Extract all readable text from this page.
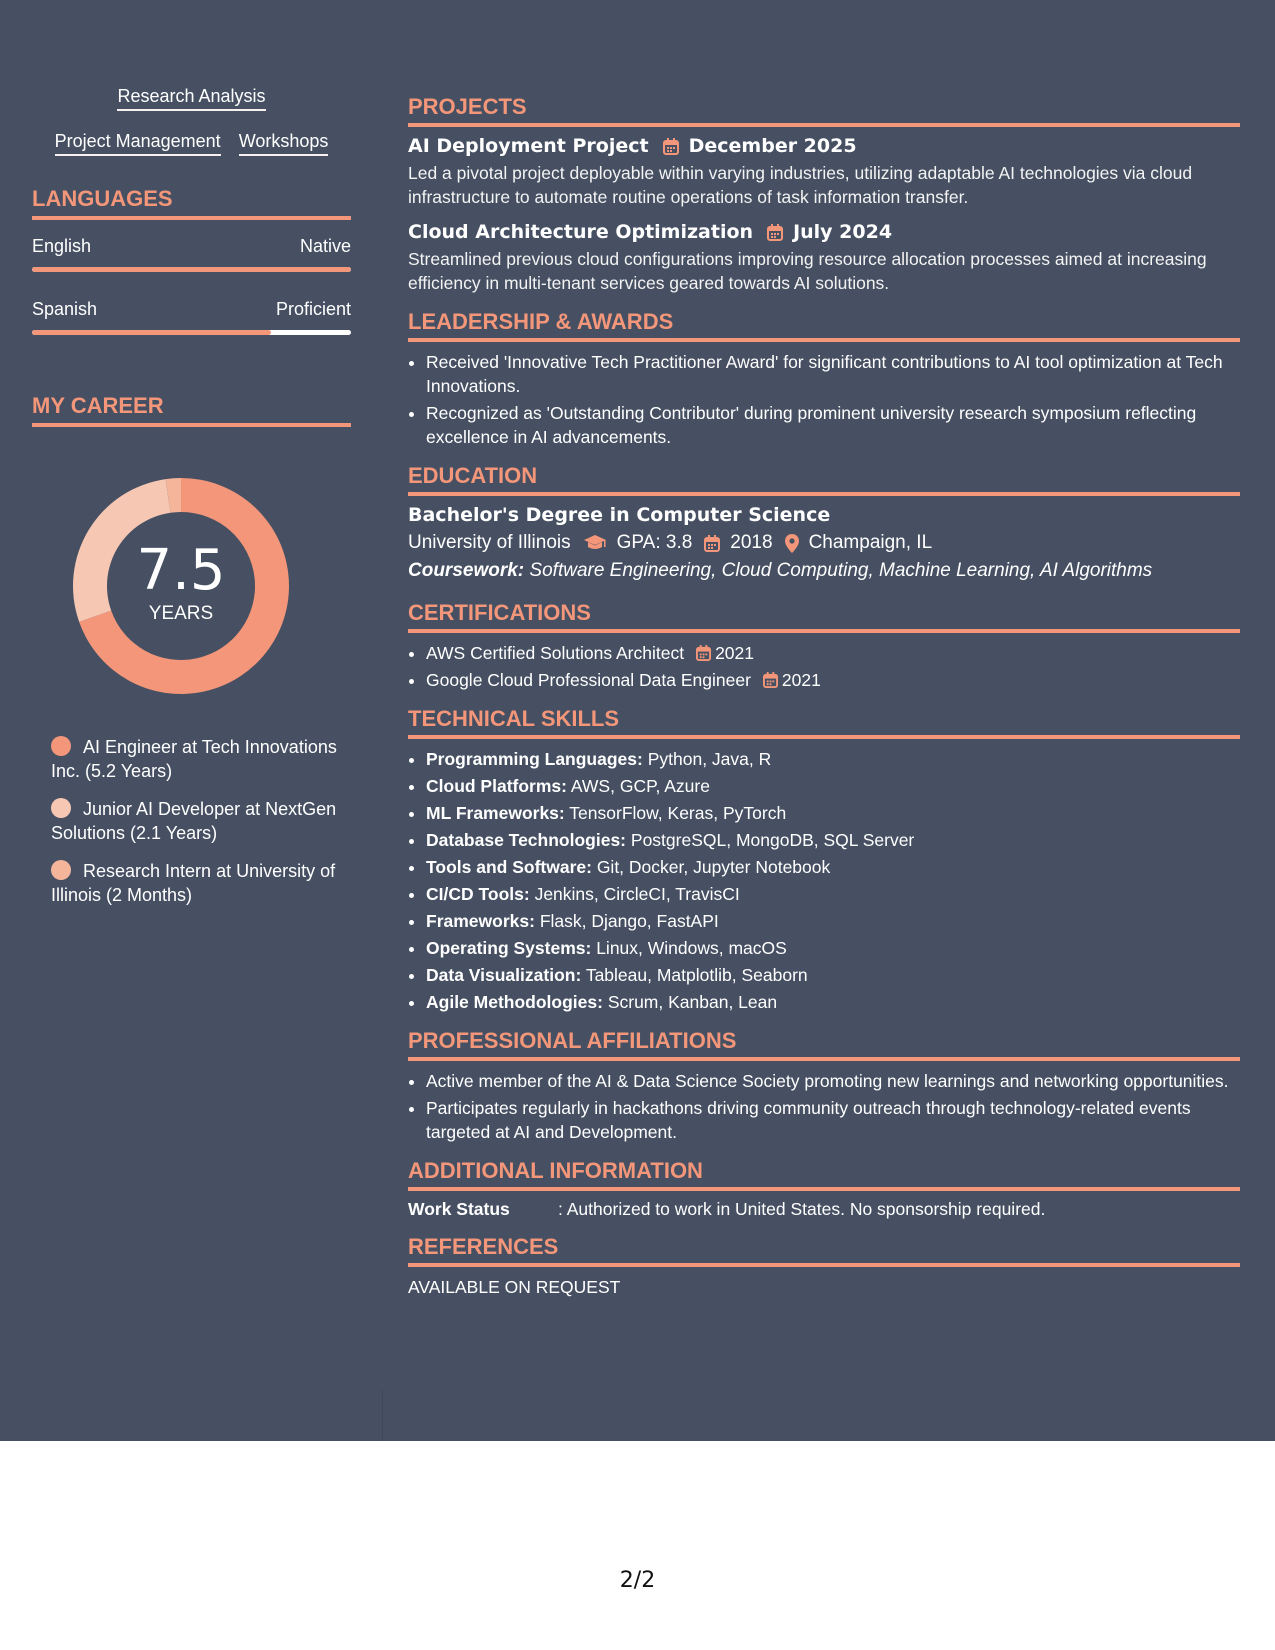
Research Analysis
Project Management Workshops
LANGUAGES
English	Native
Spanish	Proficient
MY CAREER
7.5
YEARS
AI Engineer at Tech Innovations Inc. (5.2 Years)
Junior AI Developer at NextGen Solutions (2.1 Years)
Research Intern at University of Illinois (2 Months)
PROJECTS
AI Deployment Project December 2025
Led a pivotal project deployable within varying industries, utilizing adaptable AI technologies via cloud infrastructure to automate routine operations of task information transfer.
Cloud Architecture Optimization July 2024
Streamlined previous cloud configurations improving resource allocation processes aimed at increasing efficiency in multi-tenant services geared towards AI solutions.
LEADERSHIP & AWARDS
• Received 'Innovative Tech Practitioner Award' for significant contributions to AI tool optimization at Tech Innovations.
• Recognized as 'Outstanding Contributor' during prominent university research symposium reflecting excellence in AI advancements.
EDUCATION
Bachelor's Degree in Computer Science
University of Illinois GPA: 3.8 2018 Champaign, IL
Coursework: Software Engineering, Cloud Computing, Machine Learning, AI Algorithms
CERTIFICATIONS
• AWS Certified Solutions Architect 2021
• Google Cloud Professional Data Engineer 2021
TECHNICAL SKILLS
• Programming Languages: Python, Java, R
• Cloud Platforms: AWS, GCP, Azure
• ML Frameworks: TensorFlow, Keras, PyTorch
• Database Technologies: PostgreSQL, MongoDB, SQL Server
• Tools and Software: Git, Docker, Jupyter Notebook
• CI/CD Tools: Jenkins, CircleCI, TravisCI
• Frameworks: Flask, Django, FastAPI
• Operating Systems: Linux, Windows, macOS
• Data Visualization: Tableau, Matplotlib, Seaborn
• Agile Methodologies: Scrum, Kanban, Lean
PROFESSIONAL AFFILIATIONS
• Active member of the AI & Data Science Society promoting new learnings and networking opportunities.
• Participates regularly in hackathons driving community outreach through technology-related events targeted at AI and Development.
ADDITIONAL INFORMATION
Work Status	: Authorized to work in United States. No sponsorship required.
REFERENCES
AVAILABLE ON REQUEST
2/2
